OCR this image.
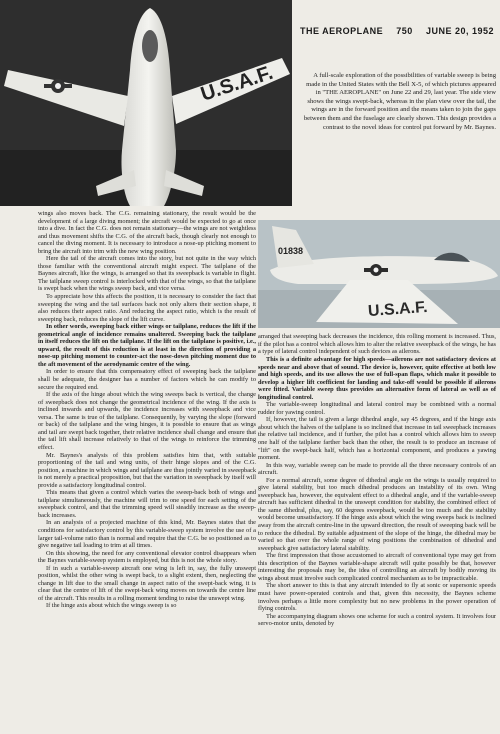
U.S.A.F.
THE AEROPLANE 750 JUNE 20, 1952
A full-scale exploration of the possibilities of variable sweep is being made in the United States with the Bell X-5, of which pictures appeared in "THE AEROPLANE" on June 22 and 29, last year. The side view shows the wings swept-back, whereas in the plan view over the tail, the wings are in the forward position and the means taken to join the gaps between them and the fuselage are clearly shown. This design provides a contrast to the novel ideas for control put forward by Mr. Baynes.
01838
U.S.A.F.

wings also moves back. The C.G. remaining stationary, the result would be the development of a large diving moment; the aircraft would be expected to go at once into a dive. In fact the C.G. does not remain stationary—the wings are not weightless and thus movement shifts the C.G. of the aircraft back, though clearly not enough to cancel the diving moment. It is necessary to introduce a nose-up pitching moment to bring the aircraft into trim with the new wing position.

Here the tail of the aircraft comes into the story, but not quite in the way which those familiar with the conventional aircraft might expect. The tailplane of the Baynes aircraft, like the wings, is arranged so that its sweepback is variable in flight. The tailplane sweep control is interlocked with that of the wings, so that the tailplane is swept back when the wings sweep back, and vice versa.

To appreciate how this affects the position, it is necessary to consider the fact that sweeping the wing and the tail surfaces back not only alters their section shape, it also reduces their aspect ratio. And reducing the aspect ratio, which is the result of sweeping back, reduces the slope of the lift curve.

In other words, sweeping back either wings or tailplane, reduces the lift if the geometrical angle of incidence remains unaltered. Sweeping back the tailplane in itself reduces the lift on the tailplane. If the lift on the tailplane is positive, i.e., upward, the result of this reduction is at least in the direction of providing a nose-up pitching moment to counter-act the nose-down pitching moment due to the aft movement of the aerodynamic centre of the wing.

In order to ensure that this compensatory effect of sweeping back the tailplane shall be adequate, the designer has a number of factors which he can modify to secure the required end.

If the axis of the hinge about which the wing sweeps back is vertical, the change of sweepback does not change the geometrical incidence of the wing. If the axis is inclined inwards and upwards, the incidence increases with sweepback and vice versa. The same is true of the tailplane. Consequently, by varying the slope (forward or back) of the tailplane and the wing hinges, it is possible to ensure that as wings and tail are swept back together, their relative incidence shall change and ensure that the tail lift shall increase relatively to that of the wings to reinforce the trimming effect.

Mr. Baynes's analysis of this problem satisfies him that, with suitable proportioning of the tail and wing units, of their hinge slopes and of the C.G. position, a machine in which wings and tailplane are thus jointly varied in sweepback is not merely a practical proposition, but that the variation in sweepback by itself will provide a satisfactory longitudinal control.

This means that given a control which varies the sweep-back both of wings and tailplane simultaneously, the machine will trim to one speed for each setting of the sweepback control, and that the trimming speed will steadily increase as the sweep-back increases.

In an analysis of a projected machine of this kind, Mr. Baynes states that the conditions for satisfactory control by this variable-sweep system involve the use of a larger tail-volume ratio than is normal and require that the C.G. be so positioned as to give negative tail loading to trim at all times.

On this showing, the need for any conventional elevator control disappears when the Baynes variable-sweep system is employed, but this is not the whole story.

If in such a variable-sweep aircraft one wing is left in, say, the fully unswept position, whilst the other wing is swept back, to a slight extent, then, neglecting the change in lift due to the small change in aspect ratio of the swept-back wing, it is clear that the centre of lift of the swept-back wing moves on towards the centre line of the aircraft. This results in a rolling moment tending to raise the unswept wing.

If the hinge axis about which the wings sweep is so

arranged that sweeping back decreases the incidence, this rolling moment is increased. Thus, if the pilot has a control which allows him to alter the relative sweepback of the wings, he has a type of lateral control independent of such devices as ailerons.

This is a definite advantage for high speeds—ailerons are not satisfactory devices at speeds near and above that of sound. The device is, however, quite effective at both low and high speeds, and its use allows the use of full-span flaps, which make it possible to develop a higher lift coefficient for landing and take-off would be possible if ailerons were fitted. Variable sweep thus provides an alternative form of lateral as well as of longitudinal control.

The variable-sweep longitudinal and lateral control may be combined with a normal rudder for yawing control.

If, however, the tail is given a large dihedral angle, say 45 degrees, and if the hinge axis about which the halves of the tailplane is so inclined that increase in tail sweepback increases the relative tail incidence, and if further, the pilot has a control which allows him to sweep one half of the tailplane farther back than the other, the result is to produce an increase of "lift" on the swept-back half, which has a horizontal component, and produces a yawing moment.

In this way, variable sweep can be made to provide all the three necessary controls of an aircraft.

For a normal aircraft, some degree of dihedral angle on the wings is usually required to give lateral stability, but too much dihedral produces an instability of its own. Wing sweepback has, however, the equivalent effect to a dihedral angle, and if the variable-sweep aircraft has sufficient dihedral in the unswept condition for stability, the combined effect of the same dihedral, plus, say, 60 degrees sweepback, would be too much and the stability would become unsatisfactory. If the hinge axis about which the wing sweeps back is inclined away from the aircraft centre-line in the upward direction, the result of sweeping back will be to reduce the dihedral. By suitable adjustment of the slope of the hinge, the dihedral may be varied so that over the whole range of wing positions the combination of dihedral and sweepback give satisfactory lateral stability.

The first impression that those accustomed to aircraft of conventional type may get from this description of the Baynes variable-shape aircraft will quite possibly be that, however interesting the proposals may be, the idea of controlling an aircraft by bodily moving its wings about must involve such complicated control mechanism as to be impracticable.

The short answer to this is that any aircraft intended to fly at sonic or supersonic speeds must have power-operated controls and that, given this necessity, the Baynes scheme involves perhaps a little more complexity but no new problems in the power operation of flying controls.

The accompanying diagram shows one scheme for such a control system. It involves four servo-motor units, denoted by
